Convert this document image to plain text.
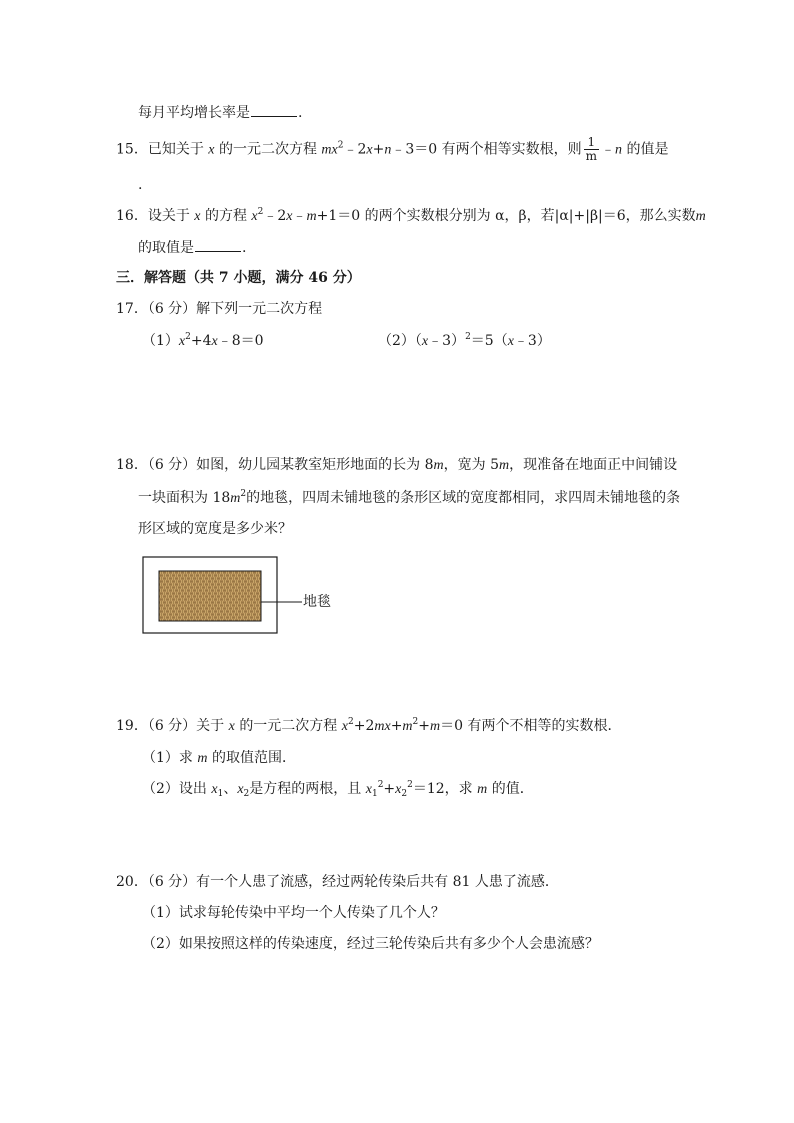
每月平均增长率是	.
15．已知关于 x 的一元二次方程 $mx^2﹣2x+n﹣3=0$ 有两个相等实数根，则 $\frac{1}{m}$ ﹣n 的值是
.
16．设关于 x 的方程 $x^2﹣2x﹣m+1=0$ 的两个实数根分别为 α，β，若|α|+|β|＝6，那么实数m
的取值是	.
三．解答题（共 7 小题，满分 46 分）
17．（6 分）解下列一元二次方程
$(1)x^2+4x﹣8=0$	（2）（x﹣3）$^2$＝5（x﹣3）
18．（6 分）如图，幼儿园某教室矩形地面的长为 8m，宽为 5m，现准备在地面正中间铺设
一块面积为 $18m^2$的地毯，四周未铺地毯的条形区域的宽度都相同，求四周未铺地毯的条
形区域的宽度是多少米？
地毯
19．（6 分）关于 x 的一元二次方程 $x^2+2mx+m^2+m=0$ 有两个不相等的实数根．
（1）求 m 的取值范围．
（2）设出 $x_1$、$x_2$是方程的两根，且 $x_1^2+x_2^2=12$，求 m 的值．
20．（6 分）有一个人患了流感，经过两轮传染后共有 81 人患了流感．
（1）试求每轮传染中平均一个人传染了几个人？
（2）如果按照这样的传染速度，经过三轮传染后共有多少个人会患流感？
